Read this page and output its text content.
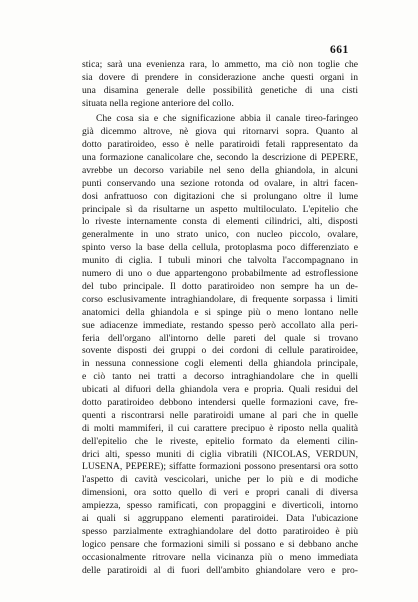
661
stica; sarà una evenienza rara, lo ammetto, ma ciò non toglie che
sia dovere di prendere in considerazione anche questi organi in
una disamina generale delle possibilità genetiche di una cisti
situata nella regione anteriore del collo.
Che cosa sia e che significazione abbia il canale tireo-faringeo
già dicemmo altrove, nè giova qui ritornarvi sopra. Quanto al
dotto paratiroideo, esso è nelle paratiroidi fetali rappresentato da
una formazione canalicolare che, secondo la descrizione di PEPERE,
avrebbe un decorso variabile nel seno della ghiandola, in alcuni
punti conservando una sezione rotonda od ovalare, in altri facen-
dosi anfrattuoso con digitazioni che si prolungano oltre il lume
principale sì da risultarne un aspetto multiloculato. L'epitelio che
lo riveste internamente consta di elementi cilindrici, alti, disposti
generalmente in uno strato unico, con nucleo piccolo, ovalare,
spinto verso la base della cellula, protoplasma poco differenziato e
munito di ciglia. I tubuli minori che talvolta l'accompagnano in
numero di uno o due appartengono probabilmente ad estroflessione
del tubo principale. Il dotto paratiroideo non sempre ha un de-
corso esclusivamente intraghiandolare, di frequente sorpassa i limiti
anatomici della ghiandola e si spinge più o meno lontano nelle
sue adiacenze immediate, restando spesso però accollato alla peri-
feria dell'organo all'intorno delle pareti del quale si trovano
sovente disposti dei gruppi o dei cordoni di cellule paratiroidee,
in nessuna connessione cogli elementi della ghiandola principale,
e ciò tanto nei tratti a decorso intraghiandolare che in quelli
ubicati al difuori della ghiandola vera e propria. Quali residui del
dotto paratiroideo debbono intendersi quelle formazioni cave, fre-
quenti a riscontrarsi nelle paratiroidi umane al pari che in quelle
di molti mammiferi, il cui carattere precipuo è riposto nella qualità
dell'epitelio che le riveste, epitelio formato da elementi cilin-
drici alti, spesso muniti di ciglia vibratili (NICOLAS, VERDUN,
LUSENA, PEPERE); siffatte formazioni possono presentarsi ora sotto
l'aspetto di cavità vescicolari, uniche per lo più e di modiche
dimensioni, ora sotto quello di veri e propri canali di diversa
ampiezza, spesso ramificati, con propaggini e diverticoli, intorno
ai quali si aggruppano elementi paratiroidei. Data l'ubicazione
spesso parzialmente extraghiandolare del dotto paratiroideo è più
logico pensare che formazioni simili si possano e si debbano anche
occasionalmente ritrovare nella vicinanza più o meno immediata
delle paratiroidi al di fuori dell'ambito ghiandolare vero e pro-
